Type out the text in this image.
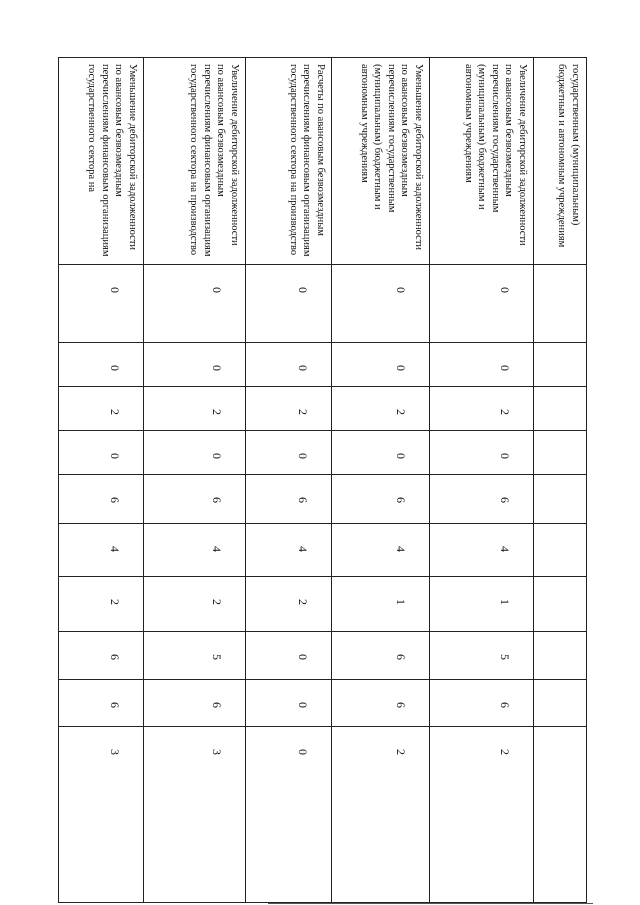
государственным (муниципальным) бюджетным и автономным учреждениям										
Увеличение дебиторской задолженности по авансовым безвозмездным перечислениям государственным (муниципальным) бюджетным и автономным учреждениям	0	0	2	0	6	4	1	5	6	2
Уменьшение дебиторской задолженности по авансовым безвозмездным перечислениям государственным (муниципальным) бюджетным и автономным учреждениям	0	0	2	0	6	4	1	6	6	2
Расчеты по авансовым безвозмездным перечислениям финансовым организациям государственного сектора на производство	0	0	2	0	6	4	2	0	0	0
Увеличение дебиторской задолженности по авансовым безвозмездным перечислениям финансовым организациям государственного сектора на производство	0	0	2	0	6	4	2	5	6	3
Уменьшение дебиторской задолженности по авансовым безвозмездным перечислениям финансовым организациям государственного сектора на	0	0	2	0	6	4	2	6	6	3
